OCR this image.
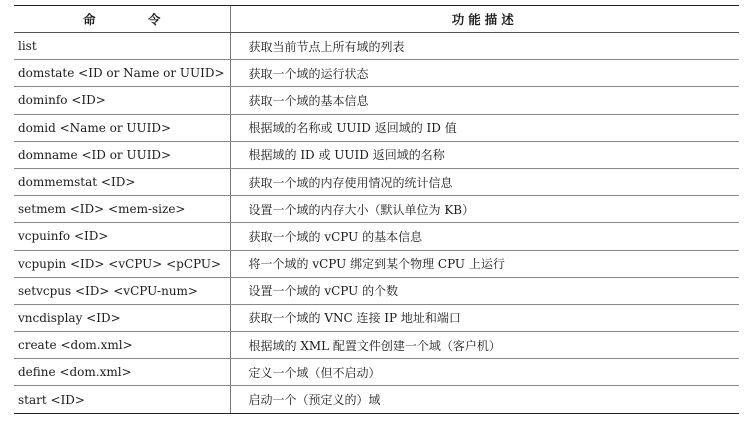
命 令	功能描述
list	获取当前节点上所有域的列表
domstate <ID or Name or UUID>	获取一个域的运行状态
dominfo <ID>	获取一个域的基本信息
domid <Name or UUID>	根据域的名称或 UUID 返回域的 ID 值
domname <ID or UUID>	根据域的 ID 或 UUID 返回域的名称
dommemstat <ID>	获取一个域的内存使用情况的统计信息
setmem <ID> <mem-size>	设置一个域的内存大小（默认单位为 KB）
vcpuinfo <ID>	获取一个域的 vCPU 的基本信息
vcpupin <ID> <vCPU> <pCPU>	将一个域的 vCPU 绑定到某个物理 CPU 上运行
setvcpus <ID> <vCPU-num>	设置一个域的 vCPU 的个数
vncdisplay <ID>	获取一个域的 VNC 连接 IP 地址和端口
create <dom.xml>	根据域的 XML 配置文件创建一个域（客户机）
define <dom.xml>	定义一个域（但不启动）
start <ID>	启动一个（预定义的）域
